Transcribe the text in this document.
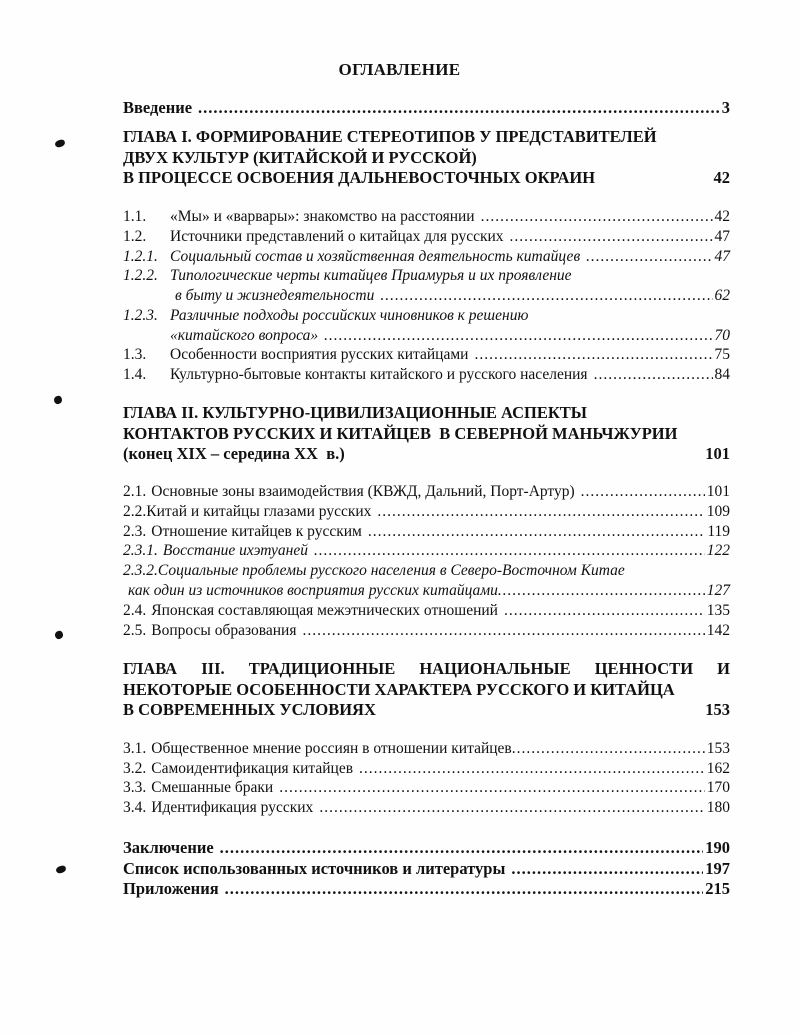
ОГЛАВЛЕНИЕ
Введение .....	3
ГЛАВА I. ФОРМИРОВАНИЕ СТЕРЕОТИПОВ У ПРЕДСТАВИТЕЛЕЙ
ДВУХ КУЛЬТУР (КИТАЙСКОЙ И РУССКОЙ)
В ПРОЦЕССЕ ОСВОЕНИЯ ДАЛЬНЕВОСТОЧНЫХ ОКРАИН	42
1.1.	«Мы» и «варвары»: знакомство на расстоянии .....	42
1.2.	Источники представлений о китайцах для русских .....	47
1.2.1. Социальный состав и хозяйственная деятельность китайцев .....	47
1.2.2. Типологические черты китайцев Приамурья и их проявление
в быту и жизнедеятельности .....	62
1.2.3. Различные подходы российских чиновников к решению
«китайского вопроса» .....	70
1.3.	Особенности восприятия русских китайцами .....	75
1.4.	Культурно-бытовые контакты китайского и русского населения .....	84
ГЛАВА II. КУЛЬТУРНО-ЦИВИЛИЗАЦИОННЫЕ АСПЕКТЫ
КОНТАКТОВ РУССКИХ И КИТАЙЦЕВ  В СЕВЕРНОЙ МАНЬЧЖУРИИ
(конец XIX – середина XX  в.)	101
2.1. Основные зоны взаимодействия (КВЖД, Дальний, Порт-Артур) .....	101
2.2. Китай и китайцы глазами русских .....	109
2.3. Отношение китайцев к русским .....	119
2.3.1. Восстание ихэтуаней .....	122
2.3.2. Социальные проблемы русского населения в Северо-Восточном Китае
как один из источников восприятия русских китайцами .....	127
2.4. Японская составляющая межэтнических отношений .....	135
2.5. Вопросы образования .....	142
ГЛАВА III. ТРАДИЦИОННЫЕ НАЦИОНАЛЬНЫЕ ЦЕННОСТИ И
НЕКОТОРЫЕ ОСОБЕННОСТИ ХАРАКТЕРА РУССКОГО И КИТАЙЦА
В СОВРЕМЕННЫХ УСЛОВИЯХ	153
3.1. Общественное мнение россиян в отношении китайцев .....	153
3.2. Самоидентификация китайцев .....	162
3.3. Смешанные браки .....	170
3.4. Идентификация русских .....	180
Заключение .....	190
Список использованных источников и литературы .....	197
Приложения .....	215
